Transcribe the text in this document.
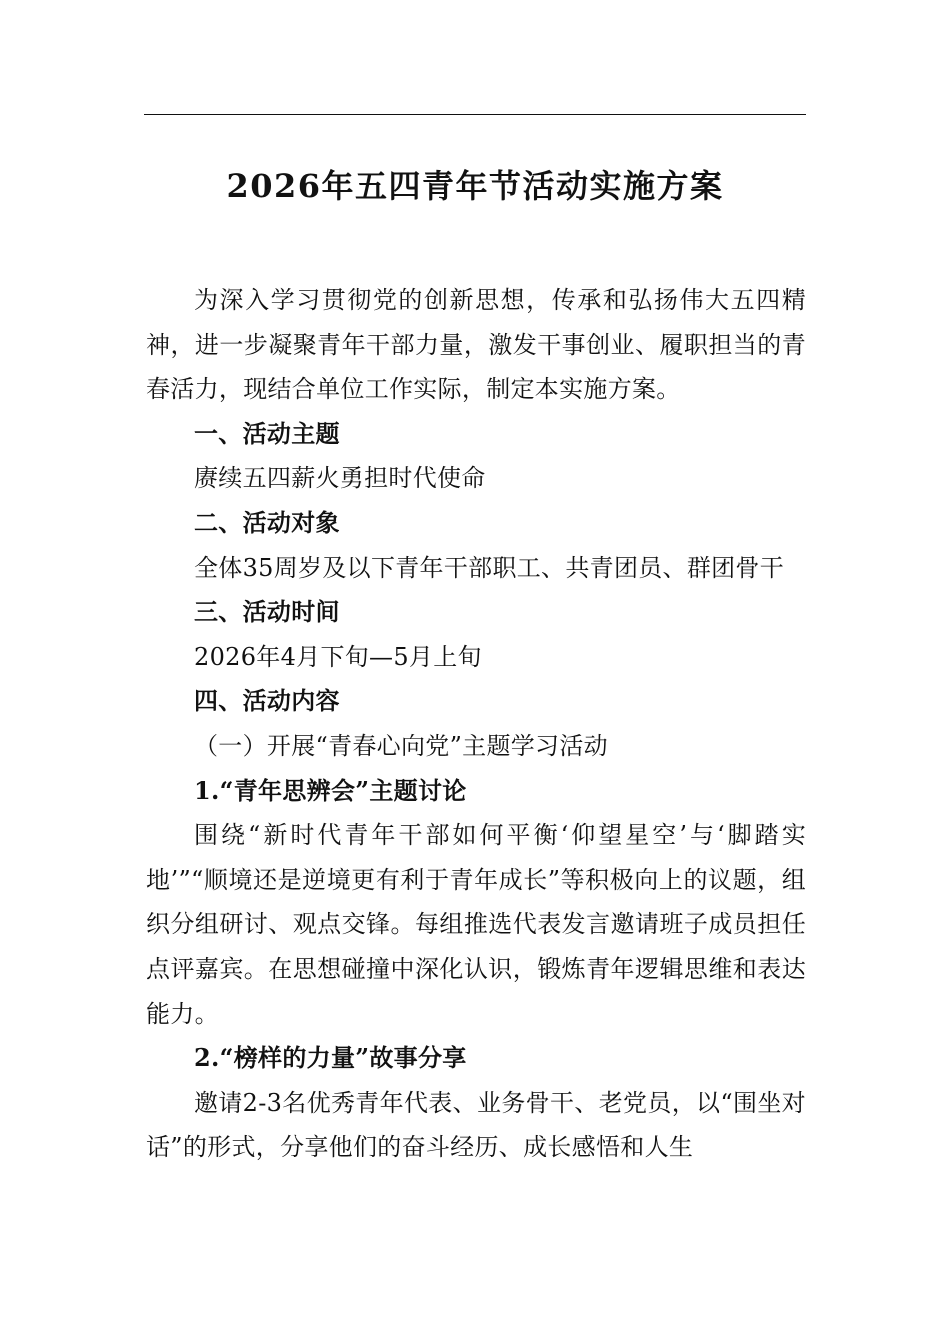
2026年五四青年节活动实施方案

为深入学习贯彻党的创新思想，传承和弘扬伟大五四精神，进一步凝聚青年干部力量，激发干事创业、履职担当的青春活力，现结合单位工作实际，制定本实施方案。

一、活动主题

赓续五四薪火勇担时代使命

二、活动对象

全体35周岁及以下青年干部职工、共青团员、群团骨干

三、活动时间

2026年4月下旬—5月上旬

四、活动内容

（一）开展“青春心向党”主题学习活动

1.“青年思辨会”主题讨论

围绕“新时代青年干部如何平衡‘仰望星空’与‘脚踏实地’”“顺境还是逆境更有利于青年成长”等积极向上的议题，组织分组研讨、观点交锋。每组推选代表发言邀请班子成员担任点评嘉宾。在思想碰撞中深化认识，锻炼青年逻辑思维和表达能力。

2.“榜样的力量”故事分享

邀请2-3名优秀青年代表、业务骨干、老党员，以“围坐对话”的形式，分享他们的奋斗经历、成长感悟和人生
